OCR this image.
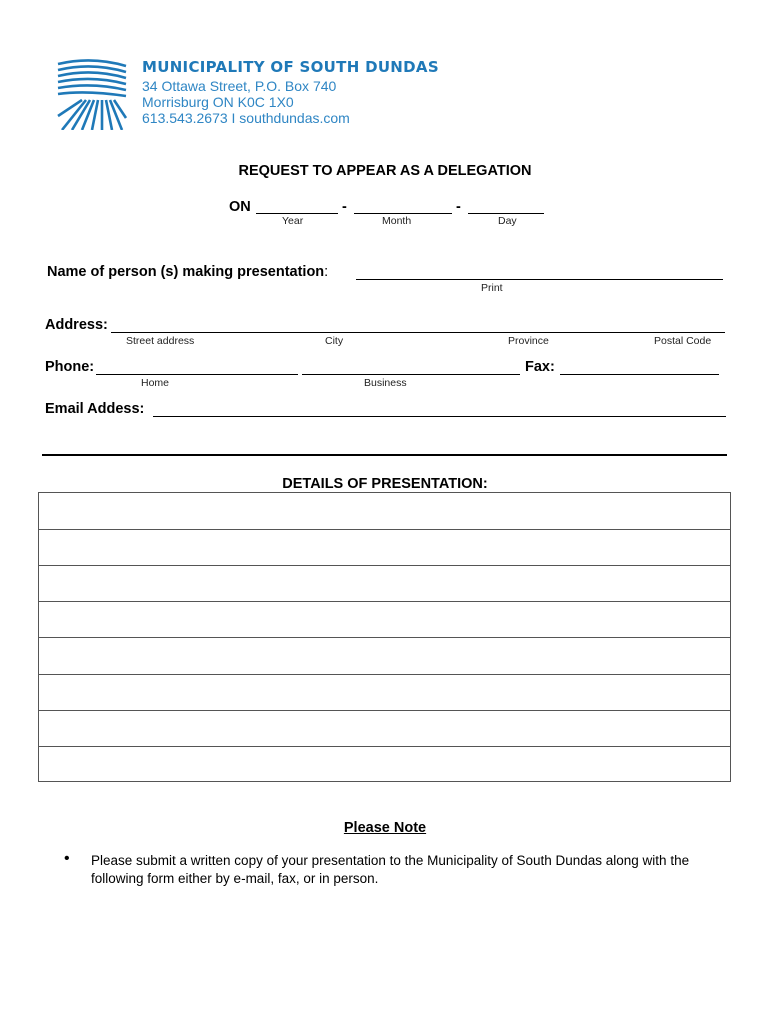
MUNICIPALITY OF SOUTH DUNDAS
34 Ottawa Street, P.O. Box 740
Morrisburg ON K0C 1X0
613.543.2673 I southdundas.com
REQUEST TO APPEAR AS A DELEGATION
ON	-	-
Year	Month	Day
Name of person (s) making presentation:
Print
Address:
Street address	City	Province	Postal Code
Phone:	Fax:
Home	Business
Email Addess:
DETAILS OF PRESENTATION:
Please Note
• Please submit a written copy of your presentation to the Municipality of South Dundas along with the following form either by e-mail, fax, or in person.
